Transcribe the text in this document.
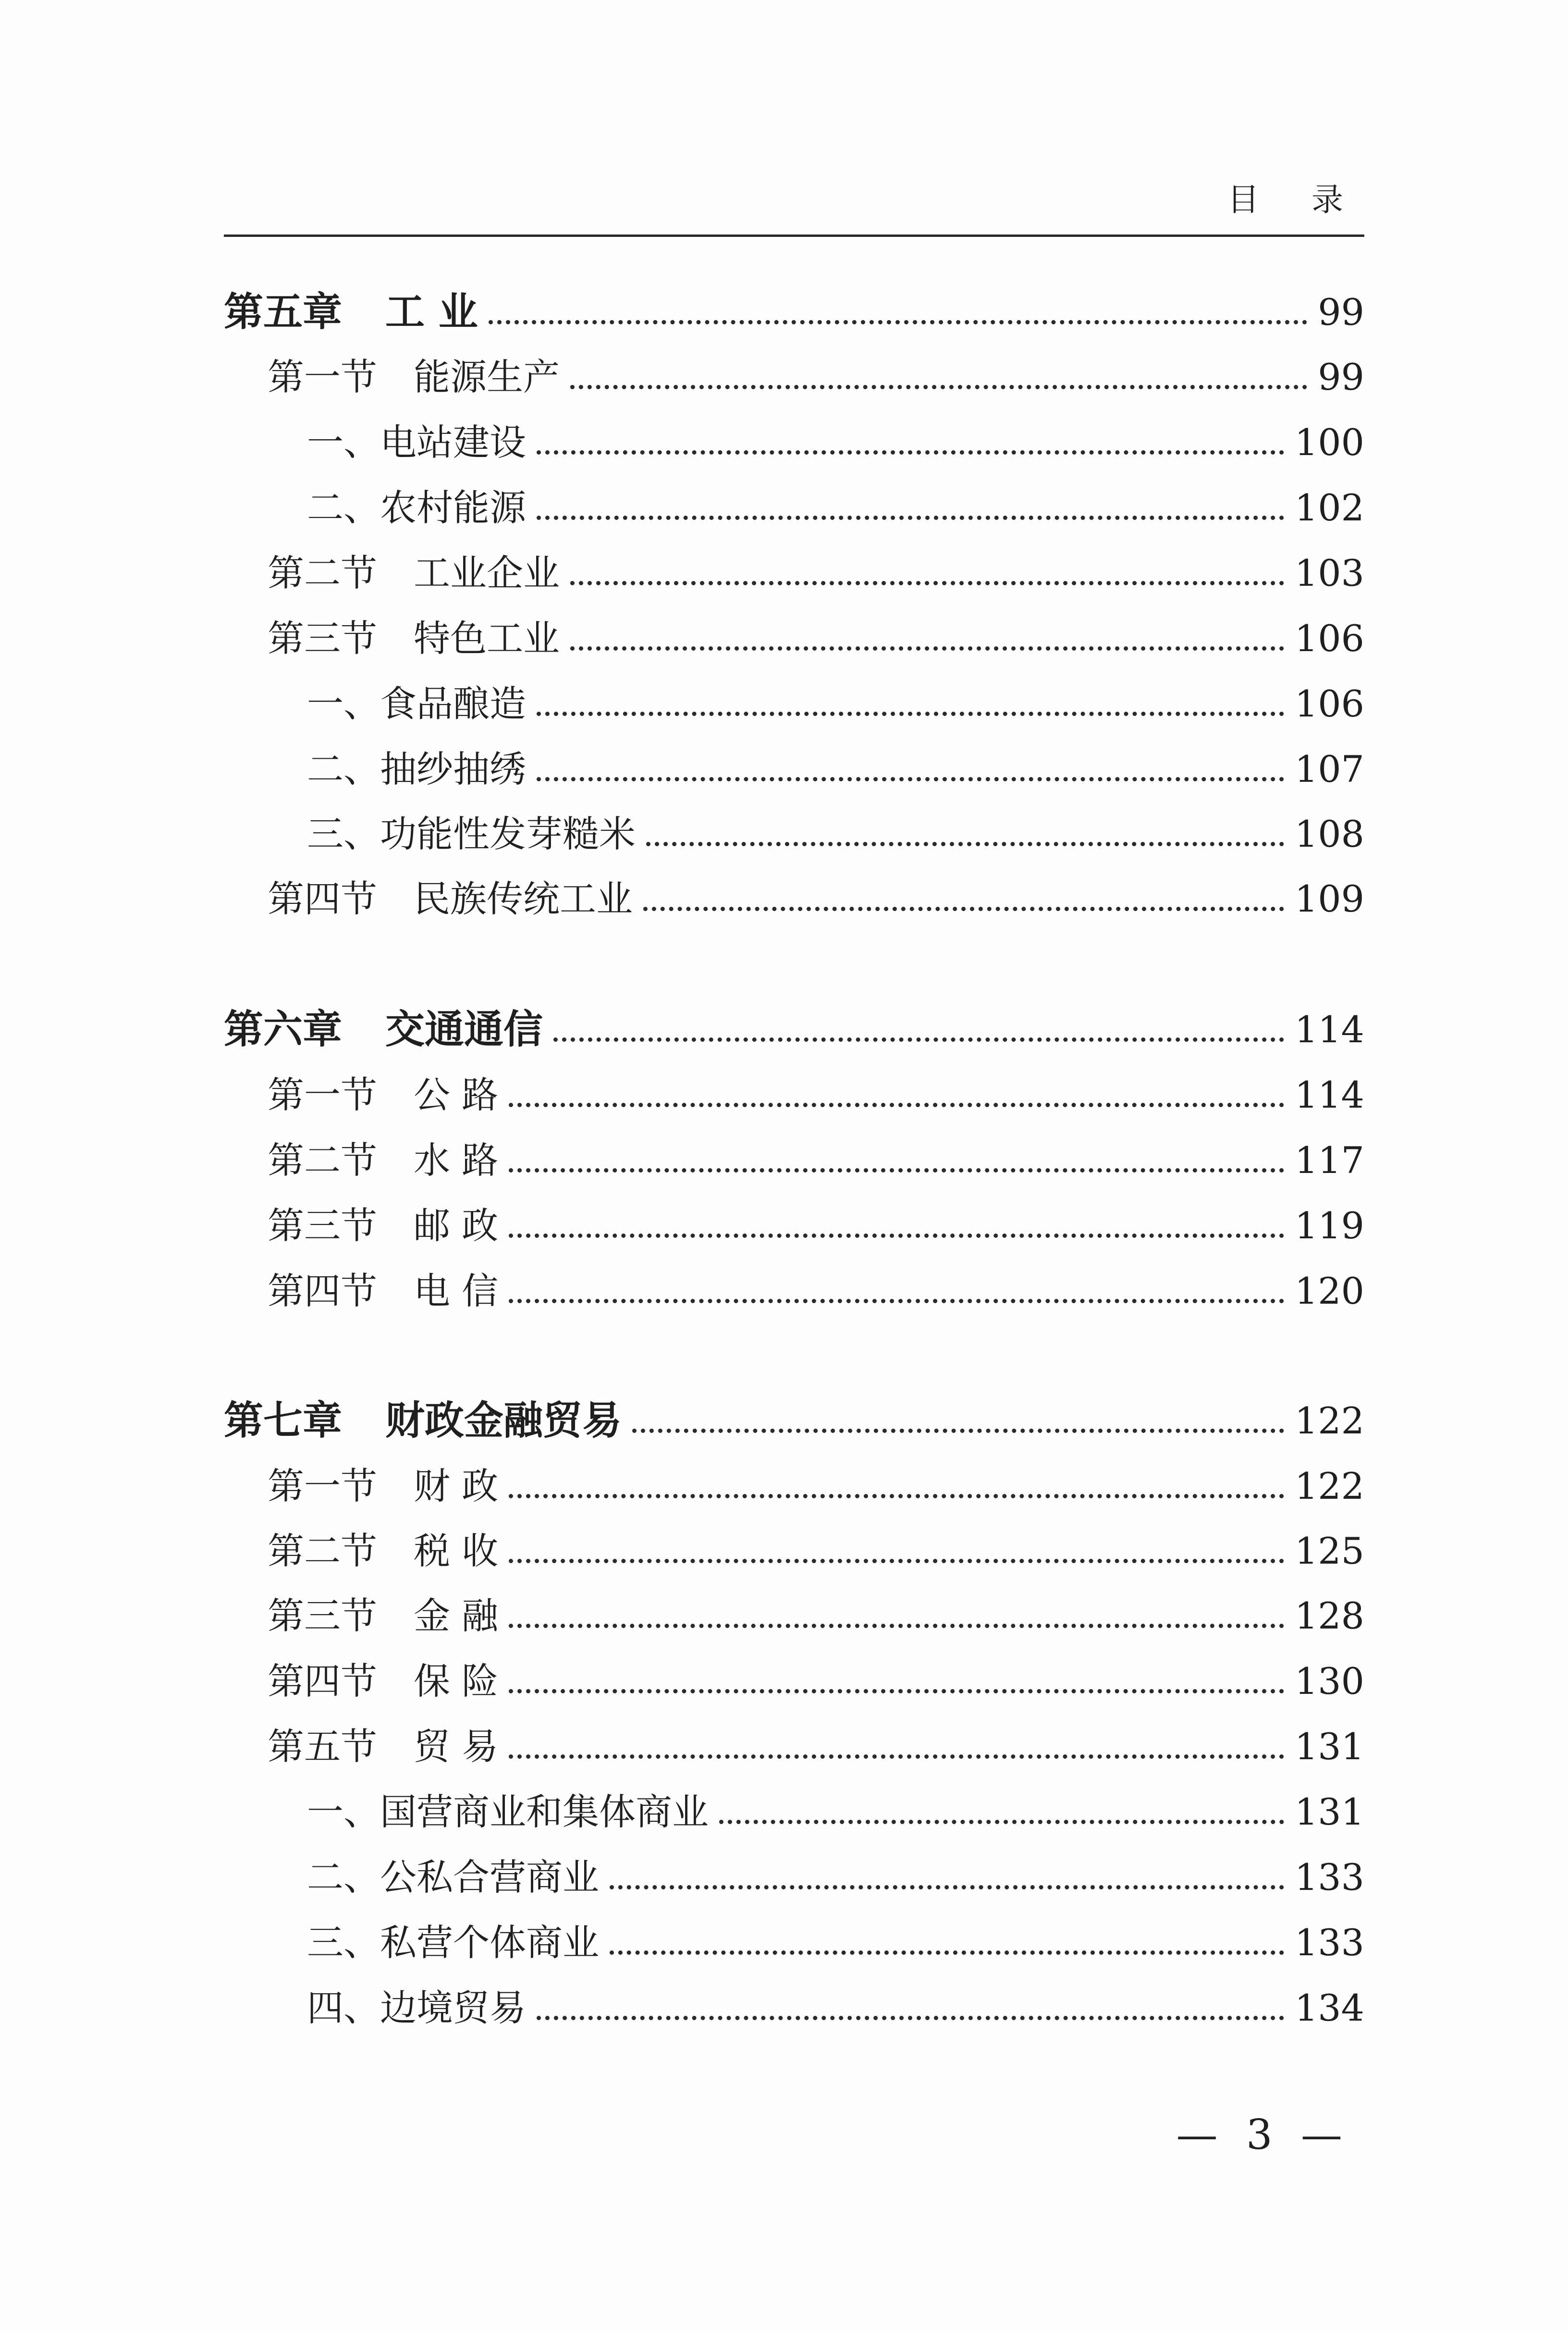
目 录
第五章 工 业	99
第一节 能源生产	99
一、电站建设	100
二、农村能源	102
第二节 工业企业	103
第三节 特色工业	106
一、食品酿造	106
二、抽纱抽绣	107
三、功能性发芽糙米	108
第四节 民族传统工业	109
第六章 交通通信	114
第一节 公 路	114
第二节 水 路	117
第三节 邮 政	119
第四节 电 信	120
第七章 财政金融贸易	122
第一节 财 政	122
第二节 税 收	125
第三节 金 融	128
第四节 保 险	130
第五节 贸 易	131
一、国营商业和集体商业	131
二、公私合营商业	133
三、私营个体商业	133
四、边境贸易	134
— 3 —
